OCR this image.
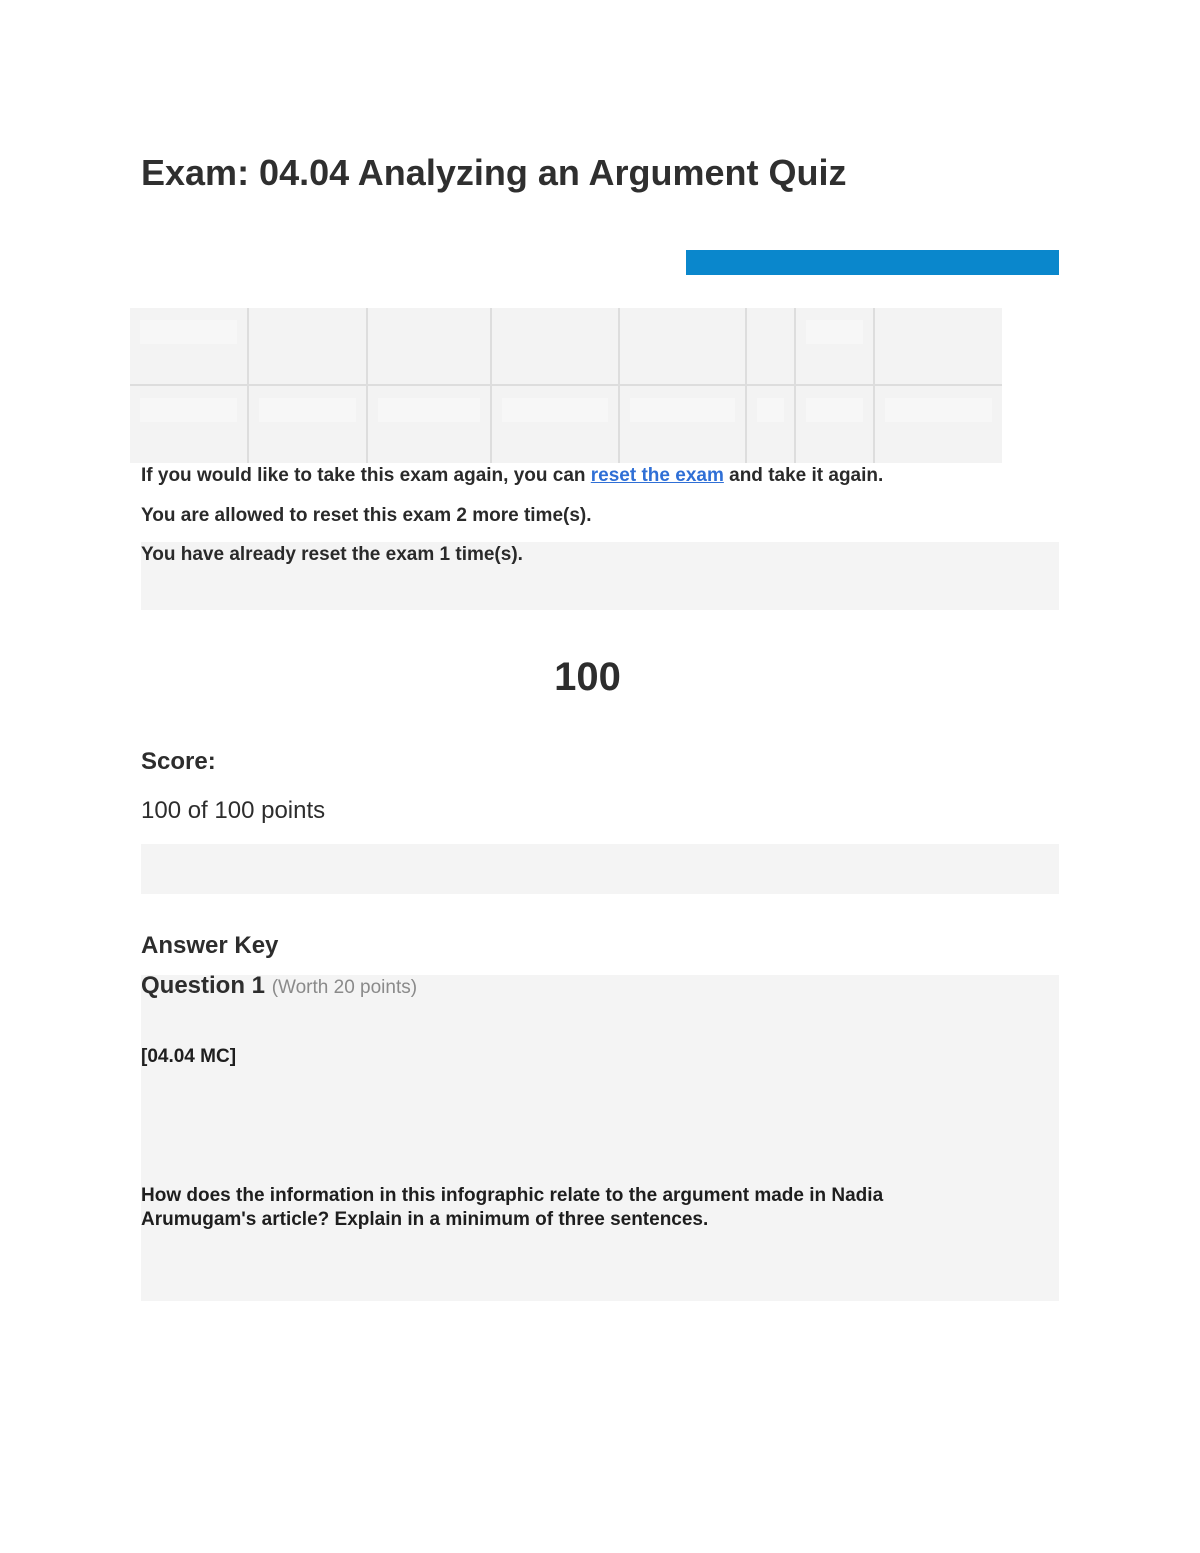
Exam: 04.04 Analyzing an Argument Quiz

If you would like to take this exam again, you can reset the exam and take it again.

You are allowed to reset this exam 2 more time(s).

You have already reset the exam 1 time(s).

100
Score:
100 of 100 points
Answer Key
Question 1 (Worth 20 points)
[04.04 MC]
How does the information in this infographic relate to the argument made in Nadia Arumugam's article? Explain in a minimum of three sentences.
